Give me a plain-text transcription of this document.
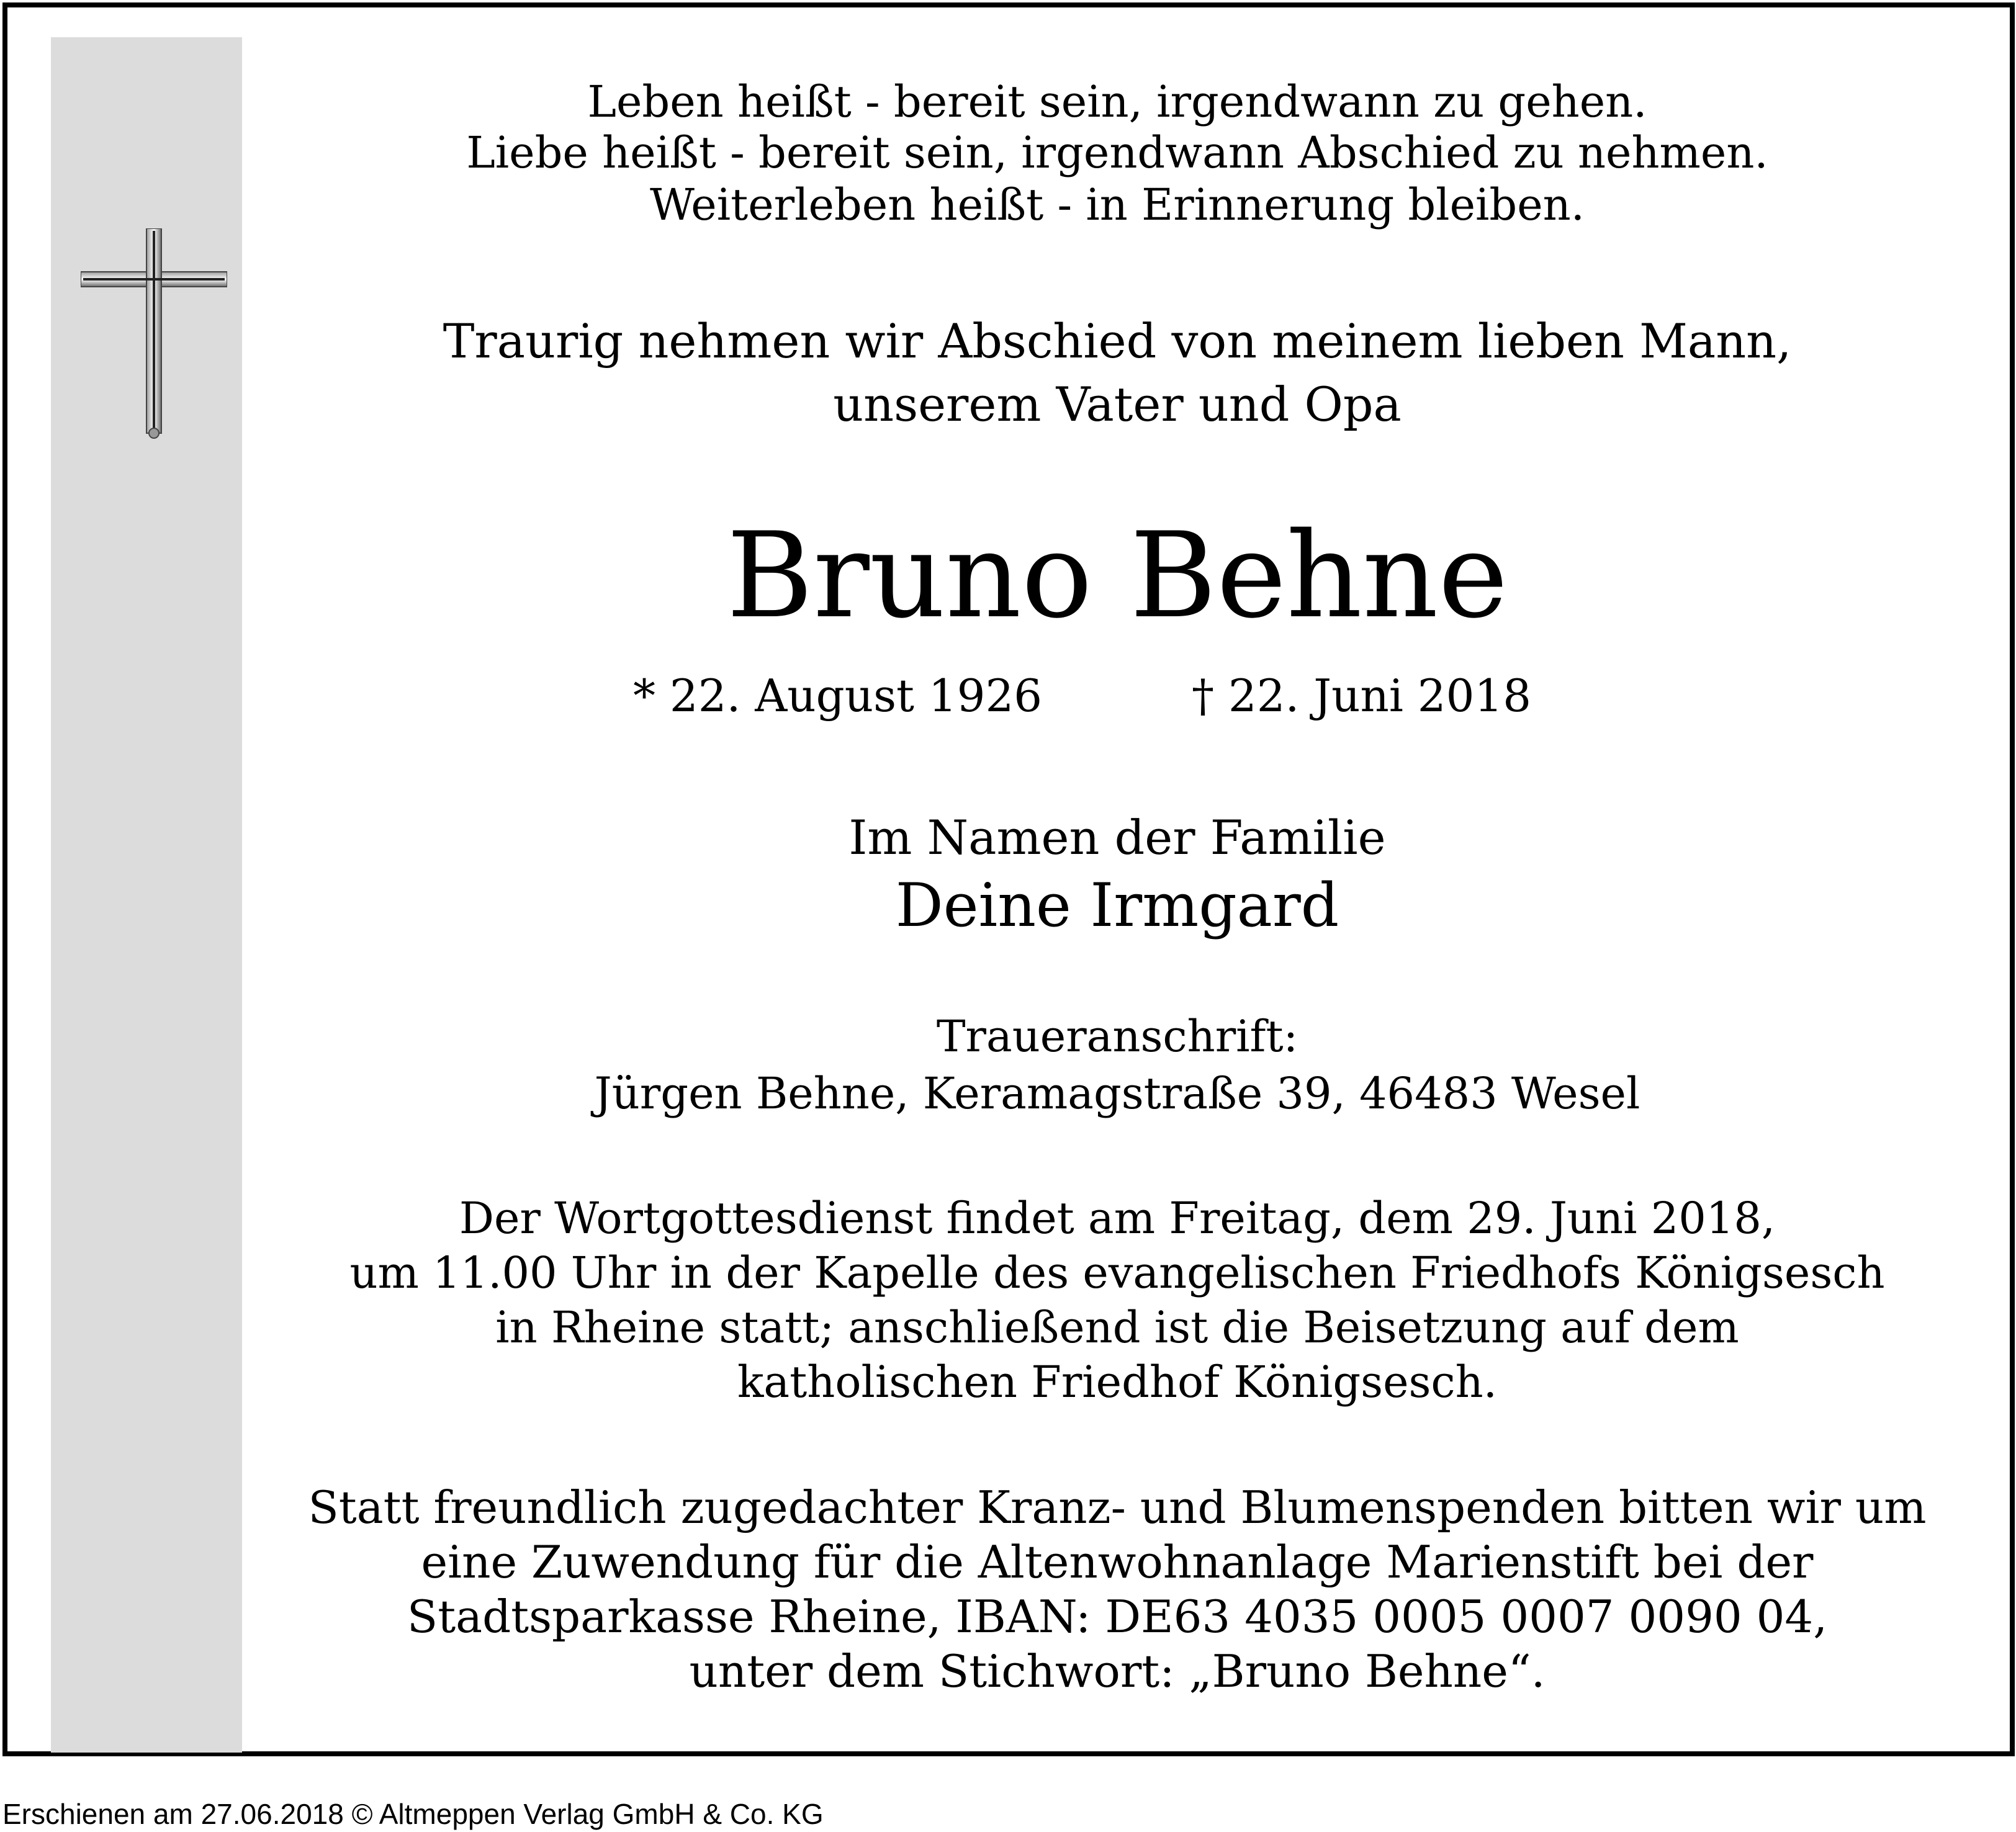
Leben heißt - bereit sein, irgendwann zu gehen.
Liebe heißt - bereit sein, irgendwann Abschied zu nehmen.
Weiterleben heißt - in Erinnerung bleiben.
Traurig nehmen wir Abschied von meinem lieben Mann,
unserem Vater und Opa
Bruno Behne
* 22. August 1926	† 22. Juni 2018
Im Namen der Familie
Deine Irmgard
Traueranschrift:
Jürgen Behne, Keramagstraße 39, 46483 Wesel
Der Wortgottesdienst findet am Freitag, dem 29. Juni 2018,
um 11.00 Uhr in der Kapelle des evangelischen Friedhofs Königsesch
in Rheine statt; anschließend ist die Beisetzung auf dem
katholischen Friedhof Königsesch.
Statt freundlich zugedachter Kranz- und Blumenspenden bitten wir um
eine Zuwendung für die Altenwohnanlage Marienstift bei der
Stadtsparkasse Rheine, IBAN: DE63 4035 0005 0007 0090 04,
unter dem Stichwort: „Bruno Behne“.
Erschienen am 27.06.2018 © Altmeppen Verlag GmbH & Co. KG
